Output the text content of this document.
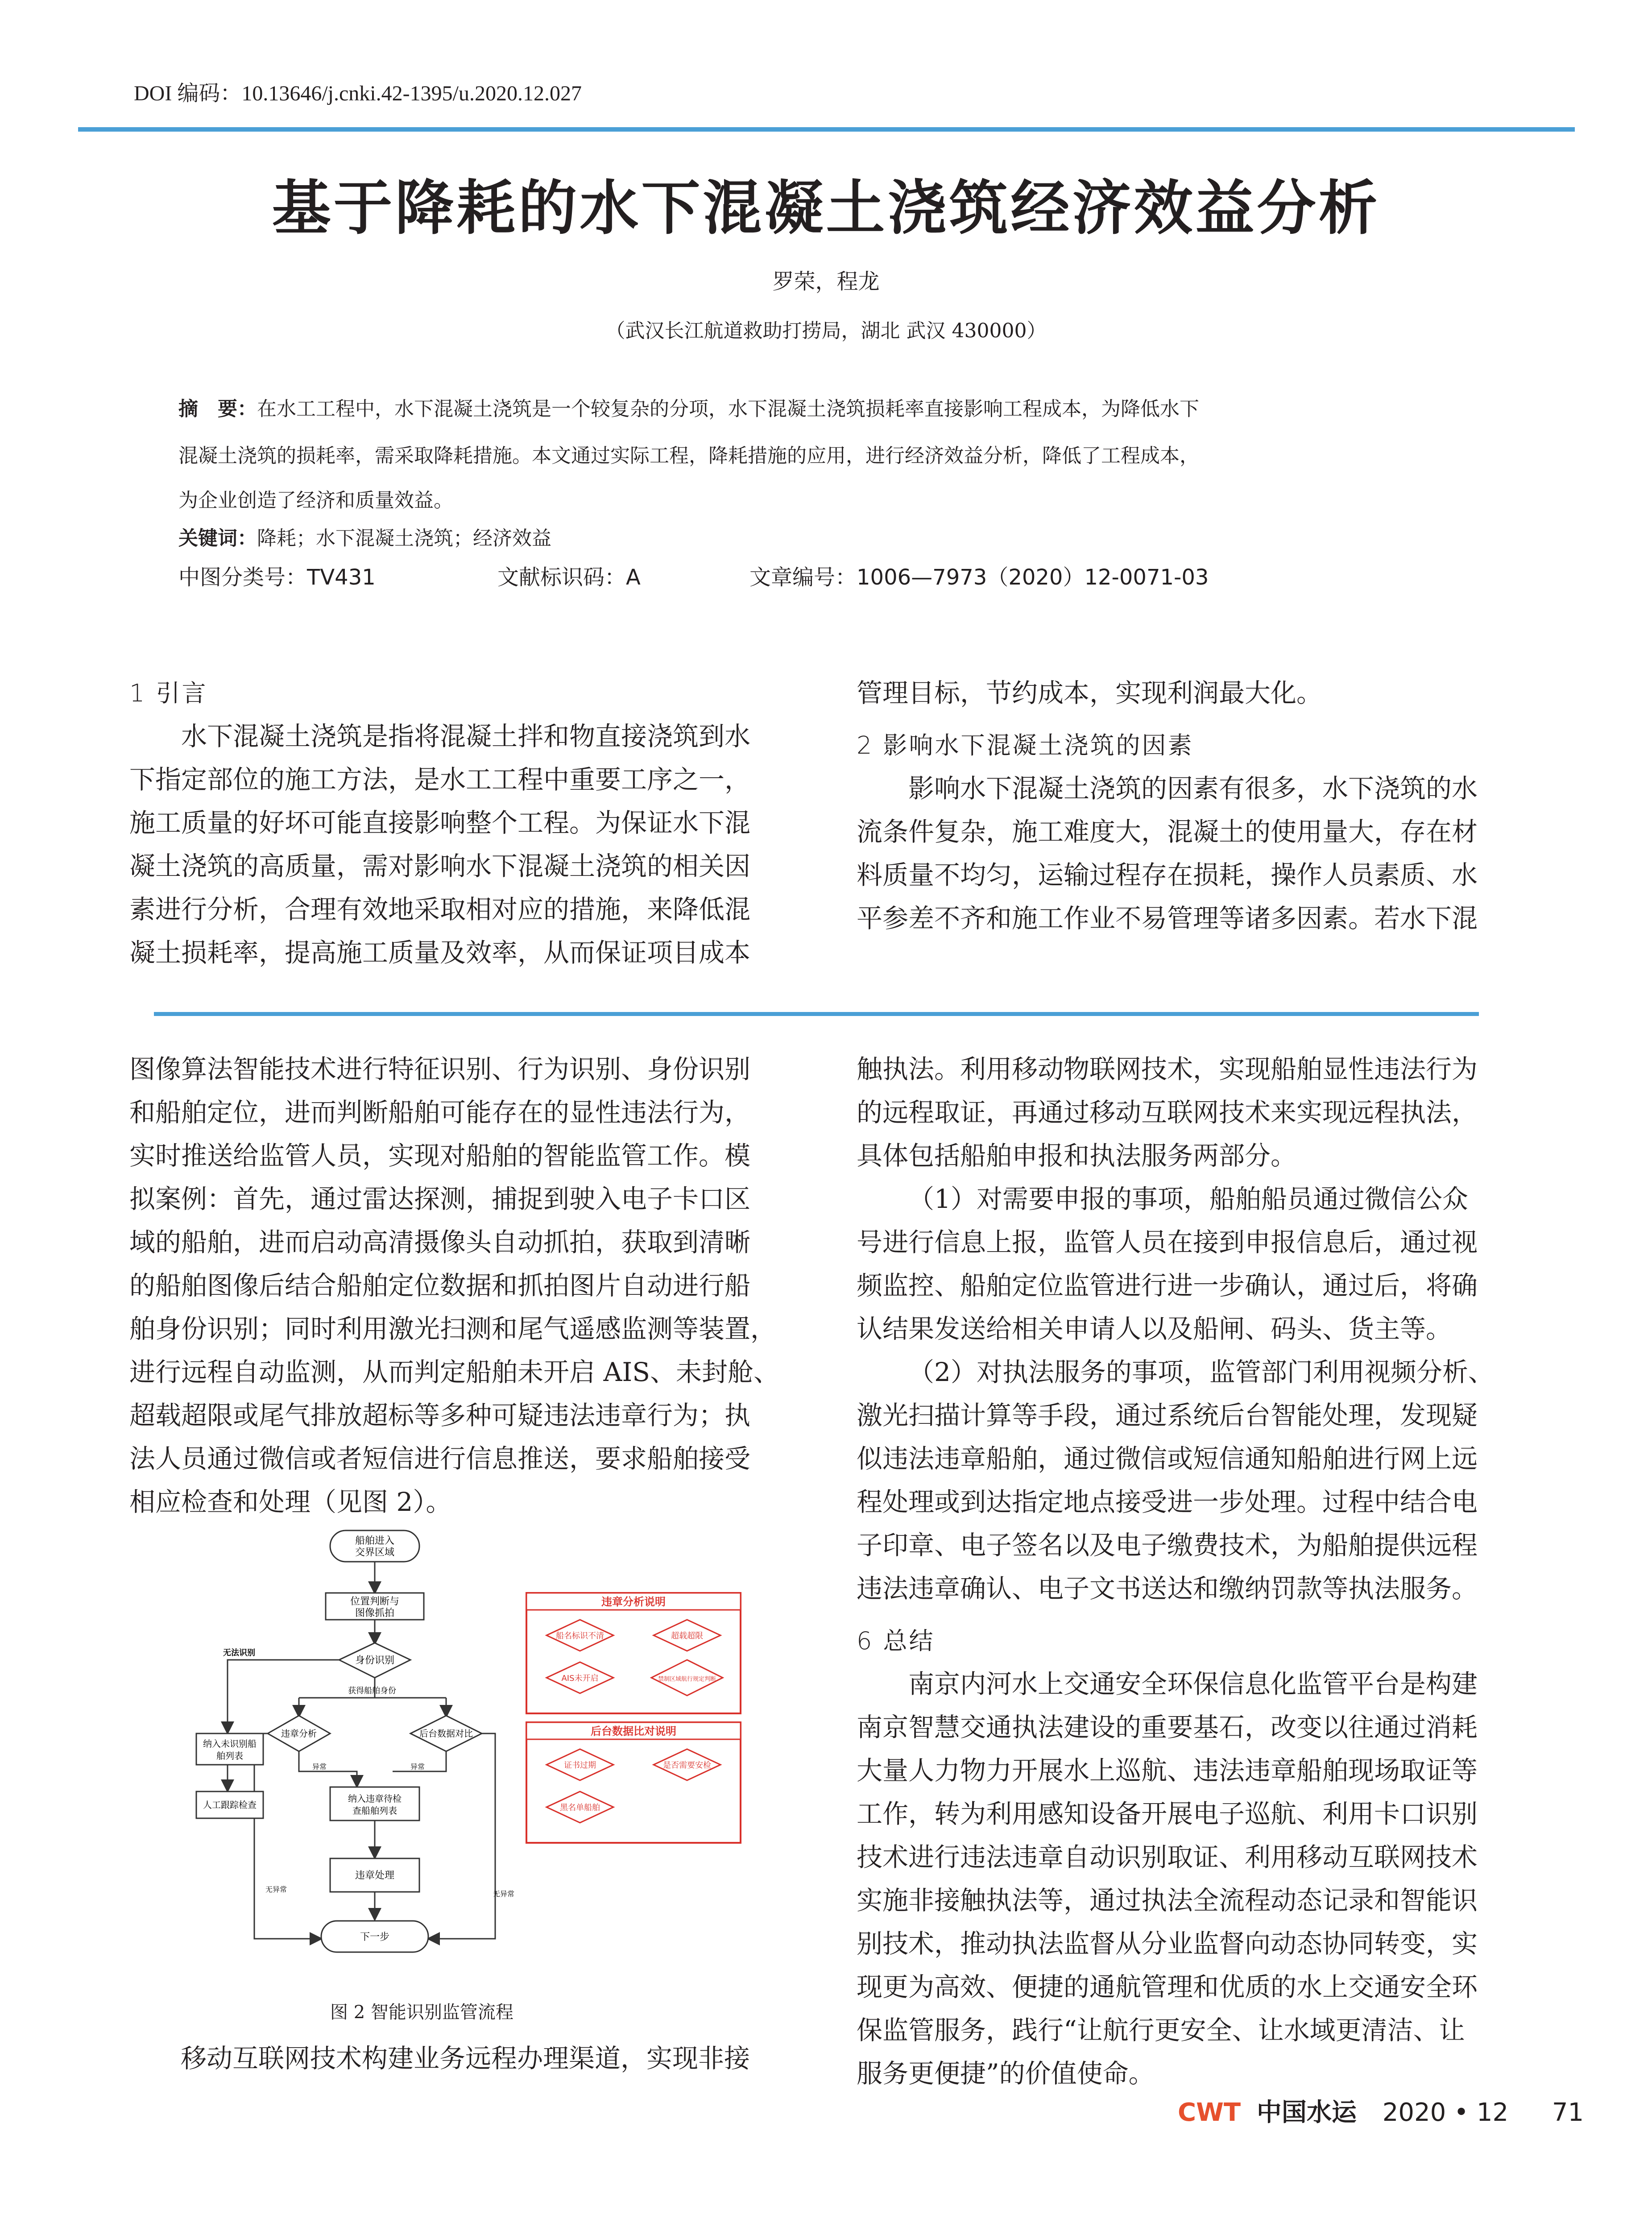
DOI 编码：10.13646/j.cnki.42-1395/u.2020.12.027
基于降耗的水下混凝土浇筑经济效益分析
罗荣，程龙
（武汉长江航道救助打捞局，湖北 武汉 430000）
摘　要：在水工工程中，水下混凝土浇筑是一个较复杂的分项，水下混凝土浇筑损耗率直接影响工程成本，为降低水下
混凝土浇筑的损耗率，需采取降耗措施。本文通过实际工程，降耗措施的应用，进行经济效益分析，降低了工程成本，
为企业创造了经济和质量效益。
关键词：降耗；水下混凝土浇筑；经济效益
中图分类号：TV431	文献标识码：A	文章编号：1006—7973（2020）12-0071-03
1 引言
水下混凝土浇筑是指将混凝土拌和物直接浇筑到水
下指定部位的施工方法，是水工工程中重要工序之一，
施工质量的好坏可能直接影响整个工程。为保证水下混
凝土浇筑的高质量，需对影响水下混凝土浇筑的相关因
素进行分析，合理有效地采取相对应的措施，来降低混
凝土损耗率，提高施工质量及效率，从而保证项目成本
管理目标，节约成本，实现利润最大化。
2 影响水下混凝土浇筑的因素
影响水下混凝土浇筑的因素有很多，水下浇筑的水
流条件复杂，施工难度大，混凝土的使用量大，存在材
料质量不均匀，运输过程存在损耗，操作人员素质、水
平参差不齐和施工作业不易管理等诸多因素。若水下混
图像算法智能技术进行特征识别、行为识别、身份识别
和船舶定位，进而判断船舶可能存在的显性违法行为，
实时推送给监管人员，实现对船舶的智能监管工作。模
拟案例：首先，通过雷达探测，捕捉到驶入电子卡口区
域的船舶，进而启动高清摄像头自动抓拍，获取到清晰
的船舶图像后结合船舶定位数据和抓拍图片自动进行船
舶身份识别；同时利用激光扫测和尾气遥感监测等装置，
进行远程自动监测，从而判定船舶未开启 AIS、未封舱、
超载超限或尾气排放超标等多种可疑违法违章行为；执
法人员通过微信或者短信进行信息推送，要求船舶接受
相应检查和处理（见图 2）。
船舶进入
交界区域
位置判断与
图像抓拍
身份识别
无法识别
获得船舶身份
纳入未识别船
舶列表
人工跟踪检查
违章分析	后台数据对比
异常	异常
纳入违章待检
查船舶列表
无异常
无异常
违章处理
下一步
违章分析说明
船名标识不清	超载超限
AIS未开启	禁制区域航行规定判断
后台数据比对说明
证书过期	是否需要安检
黑名单船舶
图 2 智能识别监管流程
移动互联网技术构建业务远程办理渠道，实现非接
触执法。利用移动物联网技术，实现船舶显性违法行为
的远程取证，再通过移动互联网技术来实现远程执法，
具体包括船舶申报和执法服务两部分。
（1）对需要申报的事项，船舶船员通过微信公众
号进行信息上报，监管人员在接到申报信息后，通过视
频监控、船舶定位监管进行进一步确认，通过后，将确
认结果发送给相关申请人以及船闸、码头、货主等。
（2）对执法服务的事项，监管部门利用视频分析、
激光扫描计算等手段，通过系统后台智能处理，发现疑
似违法违章船舶，通过微信或短信通知船舶进行网上远
程处理或到达指定地点接受进一步处理。过程中结合电
子印章、电子签名以及电子缴费技术，为船舶提供远程
违法违章确认、电子文书送达和缴纳罚款等执法服务。
6 总结
南京内河水上交通安全环保信息化监管平台是构建
南京智慧交通执法建设的重要基石，改变以往通过消耗
大量人力物力开展水上巡航、违法违章船舶现场取证等
工作，转为利用感知设备开展电子巡航、利用卡口识别
技术进行违法违章自动识别取证、利用移动互联网技术
实施非接触执法等，通过执法全流程动态记录和智能识
别技术，推动执法监督从分业监督向动态协同转变，实
现更为高效、便捷的通航管理和优质的水上交通安全环
保监管服务，践行“让航行更安全、让水域更清洁、让
服务更便捷”的价值使命。
CWT 中国水运 2020 • 12 71
